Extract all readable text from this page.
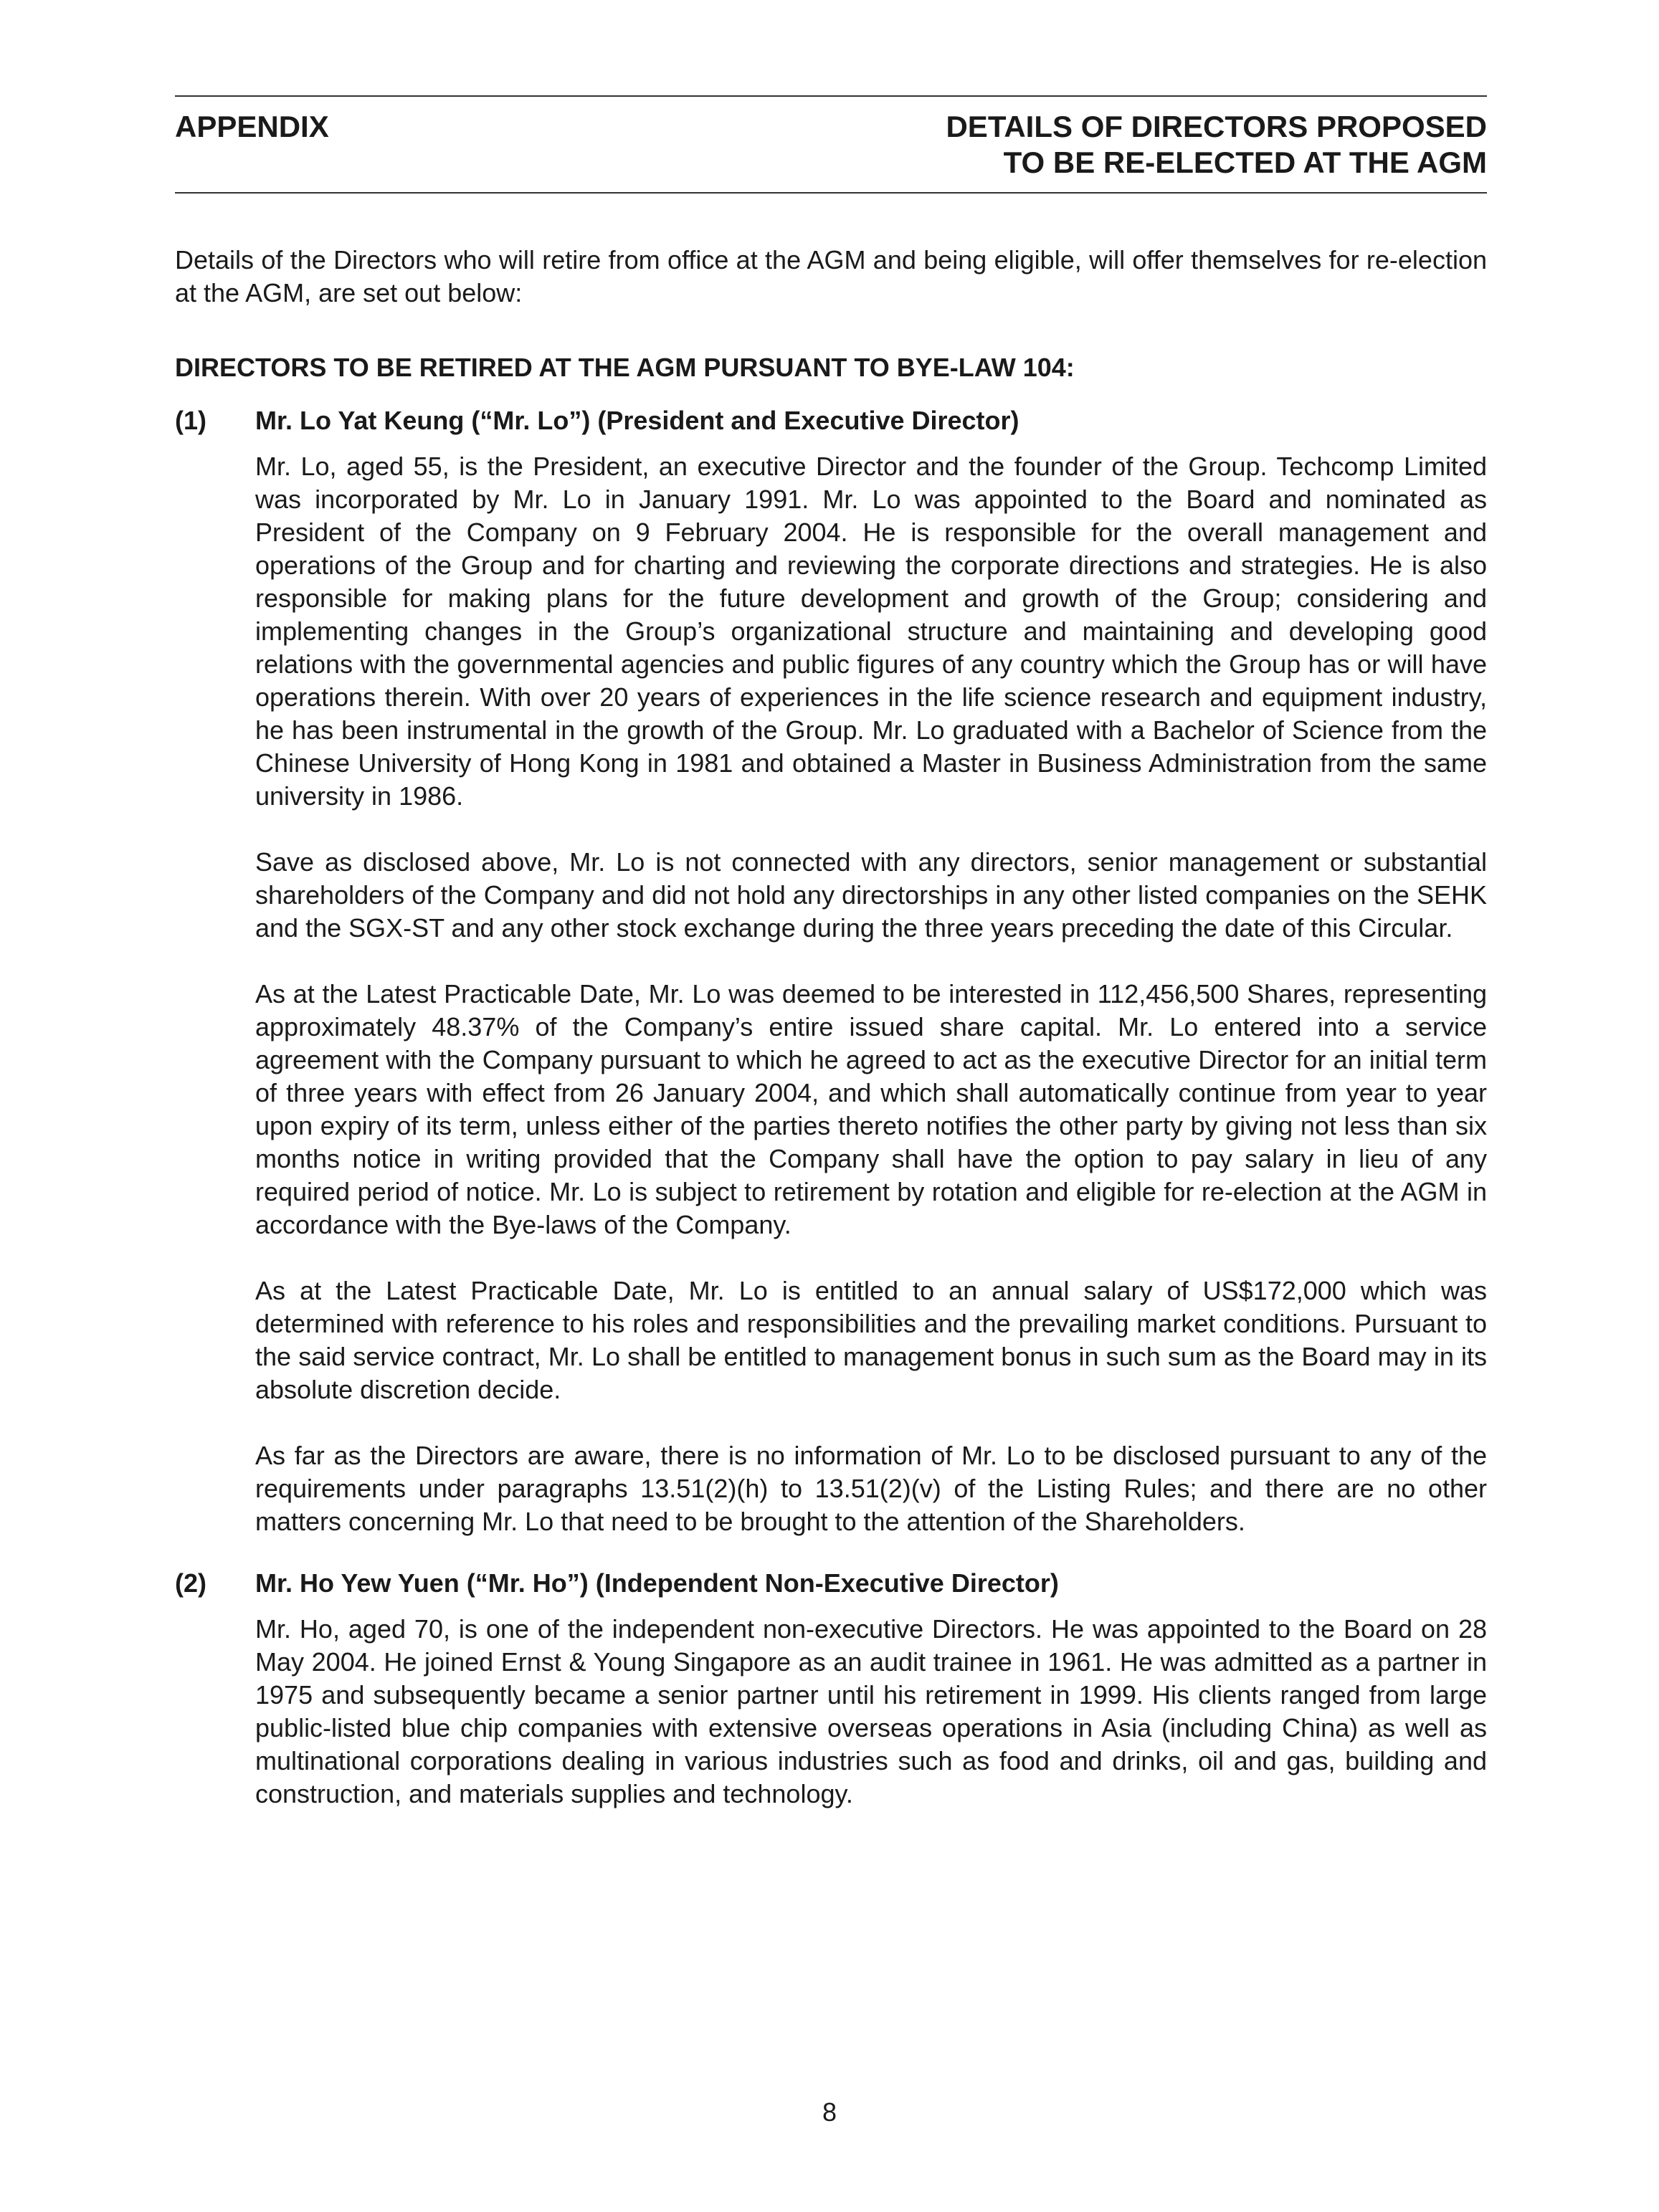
APPENDIX	DETAILS OF DIRECTORS PROPOSED
TO BE RE-ELECTED AT THE AGM

Details of the Directors who will retire from office at the AGM and being eligible, will offer themselves for re-election at the AGM, are set out below:

DIRECTORS TO BE RETIRED AT THE AGM PURSUANT TO BYE-LAW 104:
(1)	Mr. Lo Yat Keung (“Mr. Lo”) (President and Executive Director)

Mr. Lo, aged 55, is the President, an executive Director and the founder of the Group. Techcomp Limited was incorporated by Mr. Lo in January 1991. Mr. Lo was appointed to the Board and nominated as President of the Company on 9 February 2004. He is responsible for the overall management and operations of the Group and for charting and reviewing the corporate directions and strategies. He is also responsible for making plans for the future development and growth of the Group; considering and implementing changes in the Group’s organizational structure and maintaining and developing good relations with the governmental agencies and public figures of any country which the Group has or will have operations therein. With over 20 years of experiences in the life science research and equipment industry, he has been instrumental in the growth of the Group. Mr. Lo graduated with a Bachelor of Science from the Chinese University of Hong Kong in 1981 and obtained a Master in Business Administration from the same university in 1986.

Save as disclosed above, Mr. Lo is not connected with any directors, senior management or substantial shareholders of the Company and did not hold any directorships in any other listed companies on the SEHK and the SGX-ST and any other stock exchange during the three years preceding the date of this Circular.

As at the Latest Practicable Date, Mr. Lo was deemed to be interested in 112,456,500 Shares, representing approximately 48.37% of the Company’s entire issued share capital. Mr. Lo entered into a service agreement with the Company pursuant to which he agreed to act as the executive Director for an initial term of three years with effect from 26 January 2004, and which shall automatically continue from year to year upon expiry of its term, unless either of the parties thereto notifies the other party by giving not less than six months notice in writing provided that the Company shall have the option to pay salary in lieu of any required period of notice. Mr. Lo is subject to retirement by rotation and eligible for re-election at the AGM in accordance with the Bye-laws of the Company.

As at the Latest Practicable Date, Mr. Lo is entitled to an annual salary of US$172,000 which was determined with reference to his roles and responsibilities and the prevailing market conditions. Pursuant to the said service contract, Mr. Lo shall be entitled to management bonus in such sum as the Board may in its absolute discretion decide.

As far as the Directors are aware, there is no information of Mr. Lo to be disclosed pursuant to any of the requirements under paragraphs 13.51(2)(h) to 13.51(2)(v) of the Listing Rules; and there are no other matters concerning Mr. Lo that need to be brought to the attention of the Shareholders.

(2)	Mr. Ho Yew Yuen (“Mr. Ho”) (Independent Non-Executive Director)

Mr. Ho, aged 70, is one of the independent non-executive Directors. He was appointed to the Board on 28 May 2004. He joined Ernst & Young Singapore as an audit trainee in 1961. He was admitted as a partner in 1975 and subsequently became a senior partner until his retirement in 1999. His clients ranged from large public-listed blue chip companies with extensive overseas operations in Asia (including China) as well as multinational corporations dealing in various industries such as food and drinks, oil and gas, building and construction, and materials supplies and technology.

8
